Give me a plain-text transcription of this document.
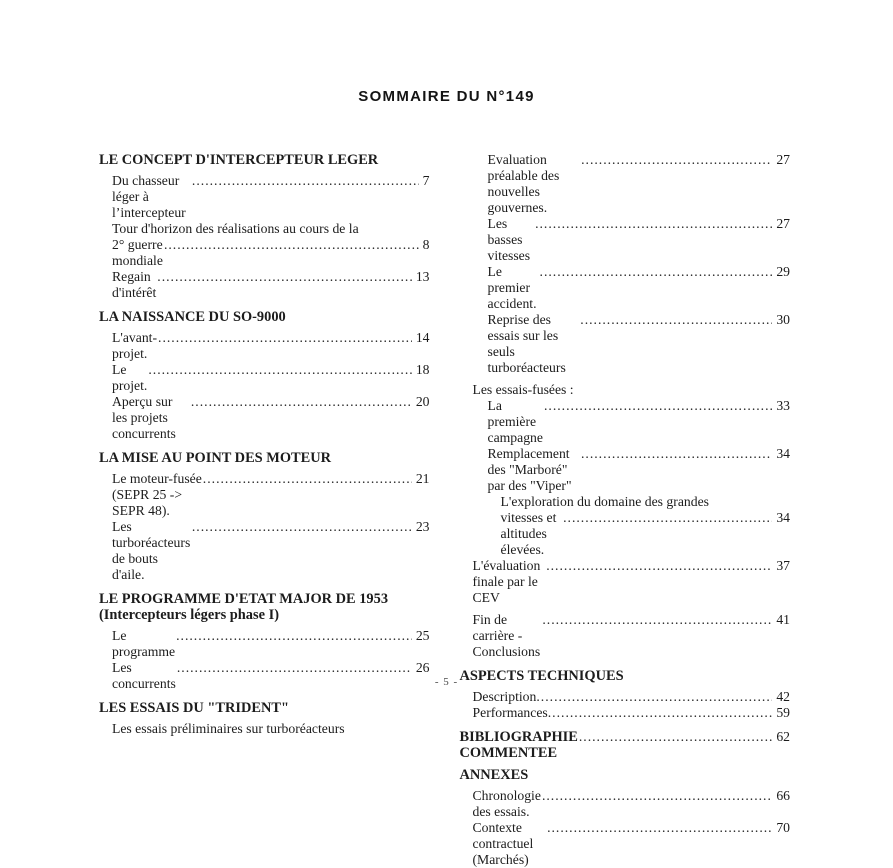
SOMMAIRE DU N°149
LE CONCEPT D'INTERCEPTEUR LEGER
Du chasseur léger à l’intercepteur
.....
7
Tour d'horizon des réalisations au cours de la
2° guerre mondiale
.....
8
Regain d'intérêt
.....
13
LA NAISSANCE DU SO-9000
L'avant-projet.
.....
14
Le projet.
.....
18
Aperçu sur les projets concurrents
.....
20
LA MISE AU POINT DES MOTEUR
Le moteur-fusée (SEPR 25 -> SEPR 48).
.....
21
Les turboréacteurs de bouts d'aile.
.....
23
LE PROGRAMME D'ETAT MAJOR DE 1953
(Intercepteurs légers phase I)
Le programme
.....
25
Les concurrents
.....
26
LES ESSAIS DU "TRIDENT"
Les essais préliminaires sur turboréacteurs
Evaluation préalable des nouvelles gouvernes.
.....
27
Les basses vitesses
.....
27
Le premier accident.
.....
29
Reprise des essais sur les seuls turboréacteurs
.....
30
Les essais-fusées :
La première campagne
.....
33
Remplacement des "Marboré" par des "Viper"
.....
34
L'exploration du domaine des grandes
vitesses et altitudes élevées.
.....
34
L'évaluation finale par le CEV
.....
37
Fin de carrière - Conclusions
.....
41
ASPECTS TECHNIQUES
Description. .....	42
Performances. .....	59
BIBLIOGRAPHIE COMMENTEE
.....
62
ANNEXES
Chronologie des essais.
.....
66
Contexte contractuel (Marchés)
.....
70
- 5 -
